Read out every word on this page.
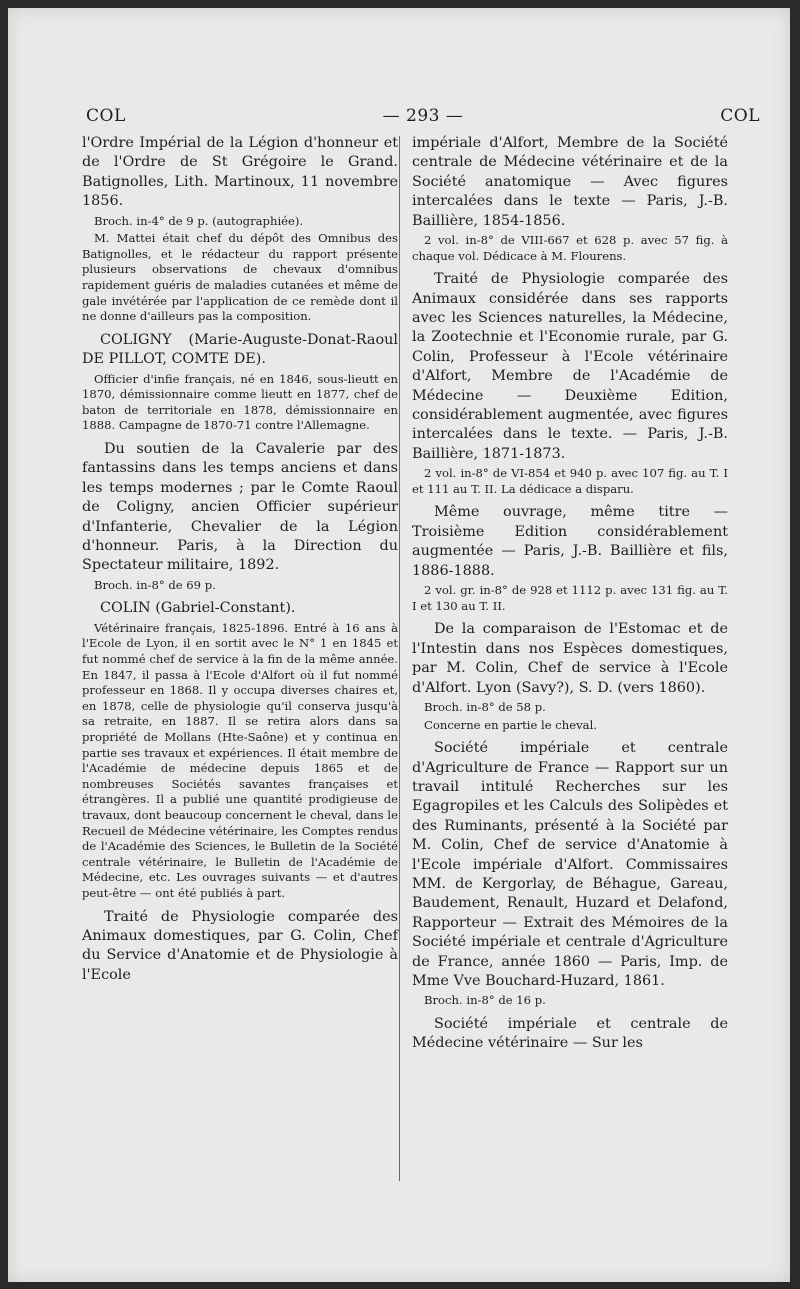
COL	— 293 —	COL

l'Ordre Impérial de la Légion d'honneur et de l'Ordre de St Grégoire le Grand. Batignolles, Lith. Martinoux, 11 novembre 1856.

Broch. in-4° de 9 p. (autographiée).

M. Mattei était chef du dépôt des Omnibus des Batignolles, et le rédacteur du rapport présente plusieurs observations de chevaux d'omnibus rapidement guéris de maladies cutanées et même de gale invétérée par l'application de ce remède dont il ne donne d'ailleurs pas la composition.

COLIGNY (Marie-Auguste-Donat-Raoul DE PILLOT, COMTE DE).

Officier d'infie français, né en 1846, sous-lieutt en 1870, démissionnaire comme lieutt en 1877, chef de baton de territoriale en 1878, démissionnaire en 1888. Campagne de 1870-71 contre l'Allemagne.

Du soutien de la Cavalerie par des fantassins dans les temps anciens et dans les temps modernes ; par le Comte Raoul de Coligny, ancien Officier supérieur d'Infanterie, Chevalier de la Légion d'honneur. Paris, à la Direction du Spectateur militaire, 1892.

Broch. in-8° de 69 p.

COLIN (Gabriel-Constant).

Vétérinaire français, 1825-1896. Entré à 16 ans à l'Ecole de Lyon, il en sortit avec le N° 1 en 1845 et fut nommé chef de service à la fin de la même année. En 1847, il passa à l'Ecole d'Alfort où il fut nommé professeur en 1868. Il y occupa diverses chaires et, en 1878, celle de physiologie qu'il conserva jusqu'à sa retraite, en 1887. Il se retira alors dans sa propriété de Mollans (Hte-Saône) et y continua en partie ses travaux et expériences. Il était membre de l'Académie de médecine depuis 1865 et de nombreuses Sociétés savantes françaises et étrangères. Il a publié une quantité prodigieuse de travaux, dont beaucoup concernent le cheval, dans le Recueil de Médecine vétérinaire, les Comptes rendus de l'Académie des Sciences, le Bulletin de la Société centrale vétérinaire, le Bulletin de l'Académie de Médecine, etc. Les ouvrages suivants — et d'autres peut-être — ont été publiés à part.

Traité de Physiologie comparée des Animaux domestiques, par G. Colin, Chef du Service d'Anatomie et de Physiologie à l'Ecole

impériale d'Alfort, Membre de la Société centrale de Médecine vétérinaire et de la Société anatomique — Avec figures intercalées dans le texte — Paris, J.-B. Baillière, 1854-1856.

2 vol. in-8° de VIII-667 et 628 p. avec 57 fig. à chaque vol. Dédicace à M. Flourens.

Traité de Physiologie comparée des Animaux considérée dans ses rapports avec les Sciences naturelles, la Médecine, la Zootechnie et l'Economie rurale, par G. Colin, Professeur à l'Ecole vétérinaire d'Alfort, Membre de l'Académie de Médecine — Deuxième Edition, considérablement augmentée, avec figures intercalées dans le texte. — Paris, J.-B. Baillière, 1871-1873.

2 vol. in-8° de VI-854 et 940 p. avec 107 fig. au T. I et 111 au T. II. La dédicace a disparu.

Même ouvrage, même titre — Troisième Edition considérablement augmentée — Paris, J.-B. Baillière et fils, 1886-1888.

2 vol. gr. in-8° de 928 et 1112 p. avec 131 fig. au T. I et 130 au T. II.

De la comparaison de l'Estomac et de l'Intestin dans nos Espèces domestiques, par M. Colin, Chef de service à l'Ecole d'Alfort. Lyon (Savy?), S. D. (vers 1860).

Broch. in-8° de 58 p.

Concerne en partie le cheval.

Société impériale et centrale d'Agriculture de France — Rapport sur un travail intitulé Recherches sur les Egagropiles et les Calculs des Solipèdes et des Ruminants, présenté à la Société par M. Colin, Chef de service d'Anatomie à l'Ecole impériale d'Alfort. Commissaires MM. de Kergorlay, de Béhague, Gareau, Baudement, Renault, Huzard et Delafond, Rapporteur — Extrait des Mémoires de la Société impériale et centrale d'Agriculture de France, année 1860 — Paris, Imp. de Mme Vve Bouchard-Huzard, 1861.

Broch. in-8° de 16 p.

Société impériale et centrale de Médecine vétérinaire — Sur les
